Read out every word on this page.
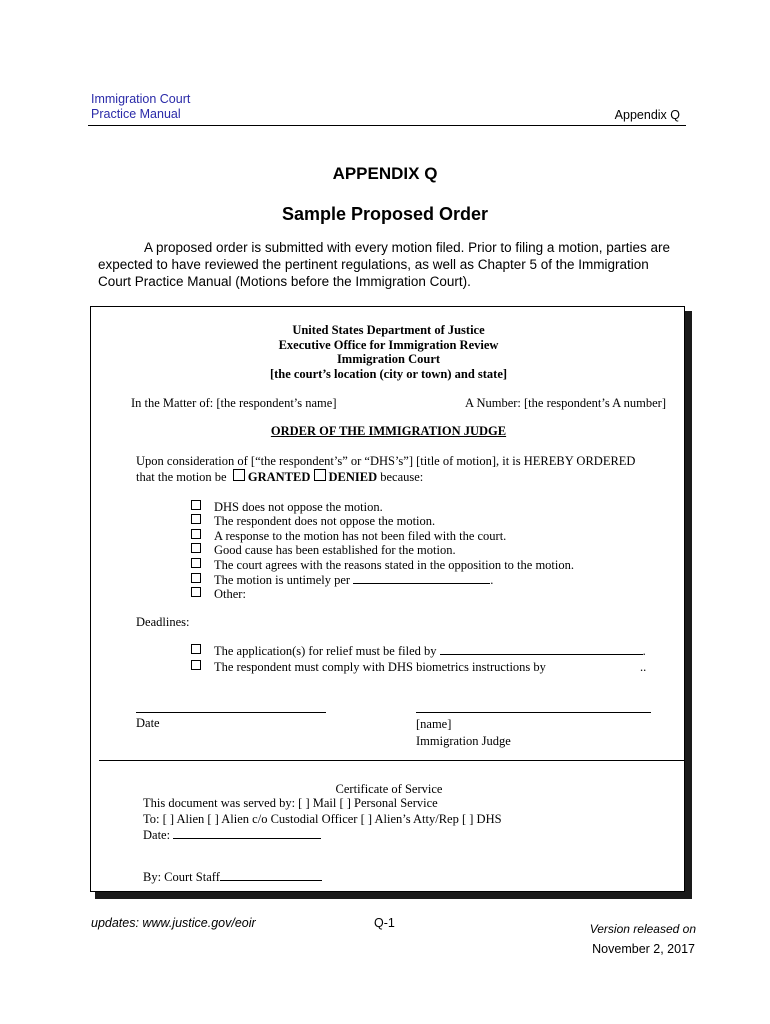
Immigration Court
Practice Manual	Appendix Q
APPENDIX Q
Sample Proposed Order

A proposed order is submitted with every motion filed. Prior to filing a motion, parties are expected to have reviewed the pertinent regulations, as well as Chapter 5 of the Immigration Court Practice Manual (Motions before the Immigration Court).

United States Department of Justice
Executive Office for Immigration Review
Immigration Court
[the court’s location (city or town) and state]
In the Matter of: [the respondent’s name]	A Number: [the respondent’s A number]
ORDER OF THE IMMIGRATION JUDGE
Upon consideration of [“the respondent’s” or “DHS’s”] [title of motion], it is HEREBY ORDERED
that the motion be GRANTED DENIED because:
DHS does not oppose the motion.
The respondent does not oppose the motion.
A response to the motion has not been filed with the court.
Good cause has been established for the motion.
The court agrees with the reasons stated in the opposition to the motion.
The motion is untimely per	.
Other:
Deadlines:
The application(s) for relief must be filed by	.
The respondent must comply with DHS biometrics instructions by	..
Date	[name]
Immigration Judge
Certificate of Service
This document was served by: [ ] Mail [ ] Personal Service
To: [ ] Alien [ ] Alien c/o Custodial Officer [ ] Alien’s Atty/Rep [ ] DHS
Date:
By: Court Staff
updates: www.justice.gov/eoir	Q-1	Version released on
November 2, 2017
